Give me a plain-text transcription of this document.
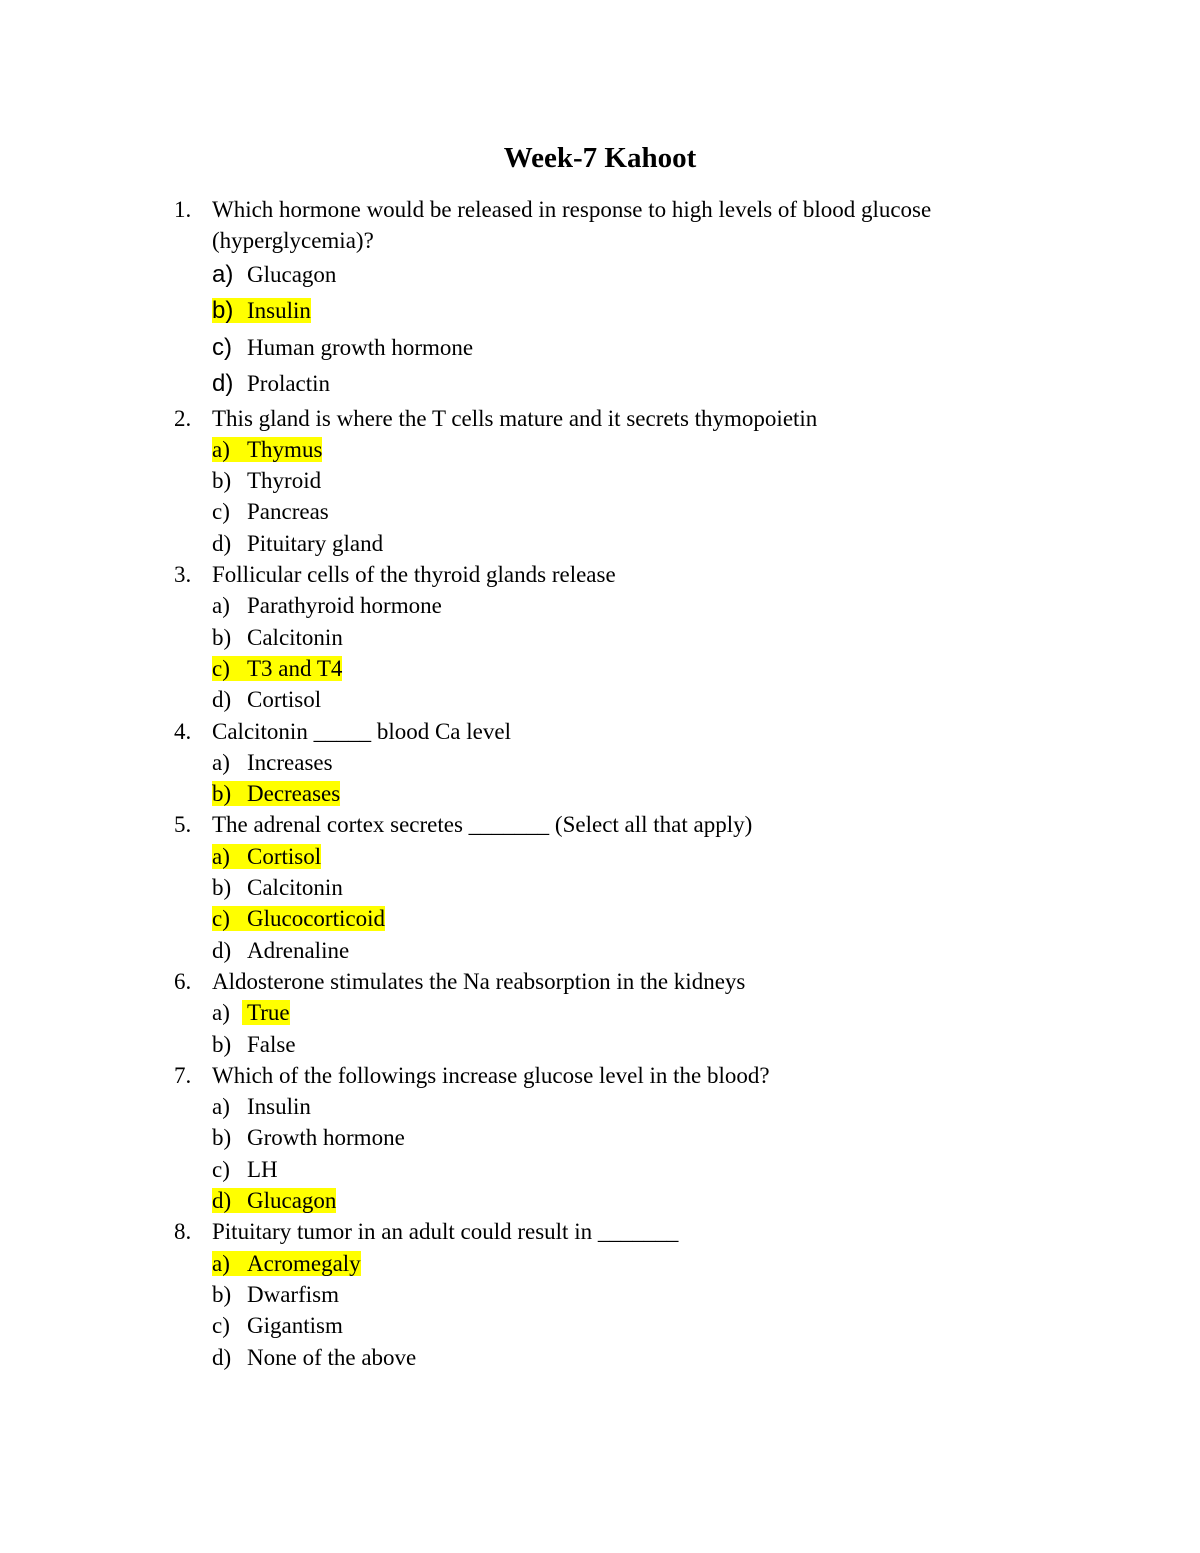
Week-7 Kahoot
1. Which hormone would be released in response to high levels of blood glucose (hyperglycemia)?
a) Glucagon
b) Insulin
c) Human growth hormone
d) Prolactin
2. This gland is where the T cells mature and it secrets thymopoietin
a) Thymus
b) Thyroid
c) Pancreas
d) Pituitary gland
3. Follicular cells of the thyroid glands release
a) Parathyroid hormone
b) Calcitonin
c) T3 and T4
d) Cortisol
4. Calcitonin _____ blood Ca level
a) Increases
b) Decreases
5. The adrenal cortex secretes _______ (Select all that apply)
a) Cortisol
b) Calcitonin
c) Glucocorticoid
d) Adrenaline
6. Aldosterone stimulates the Na reabsorption in the kidneys
a) True
b) False
7. Which of the followings increase glucose level in the blood?
a) Insulin
b) Growth hormone
c) LH
d) Glucagon
8. Pituitary tumor in an adult could result in _______
a) Acromegaly
b) Dwarfism
c) Gigantism
d) None of the above
